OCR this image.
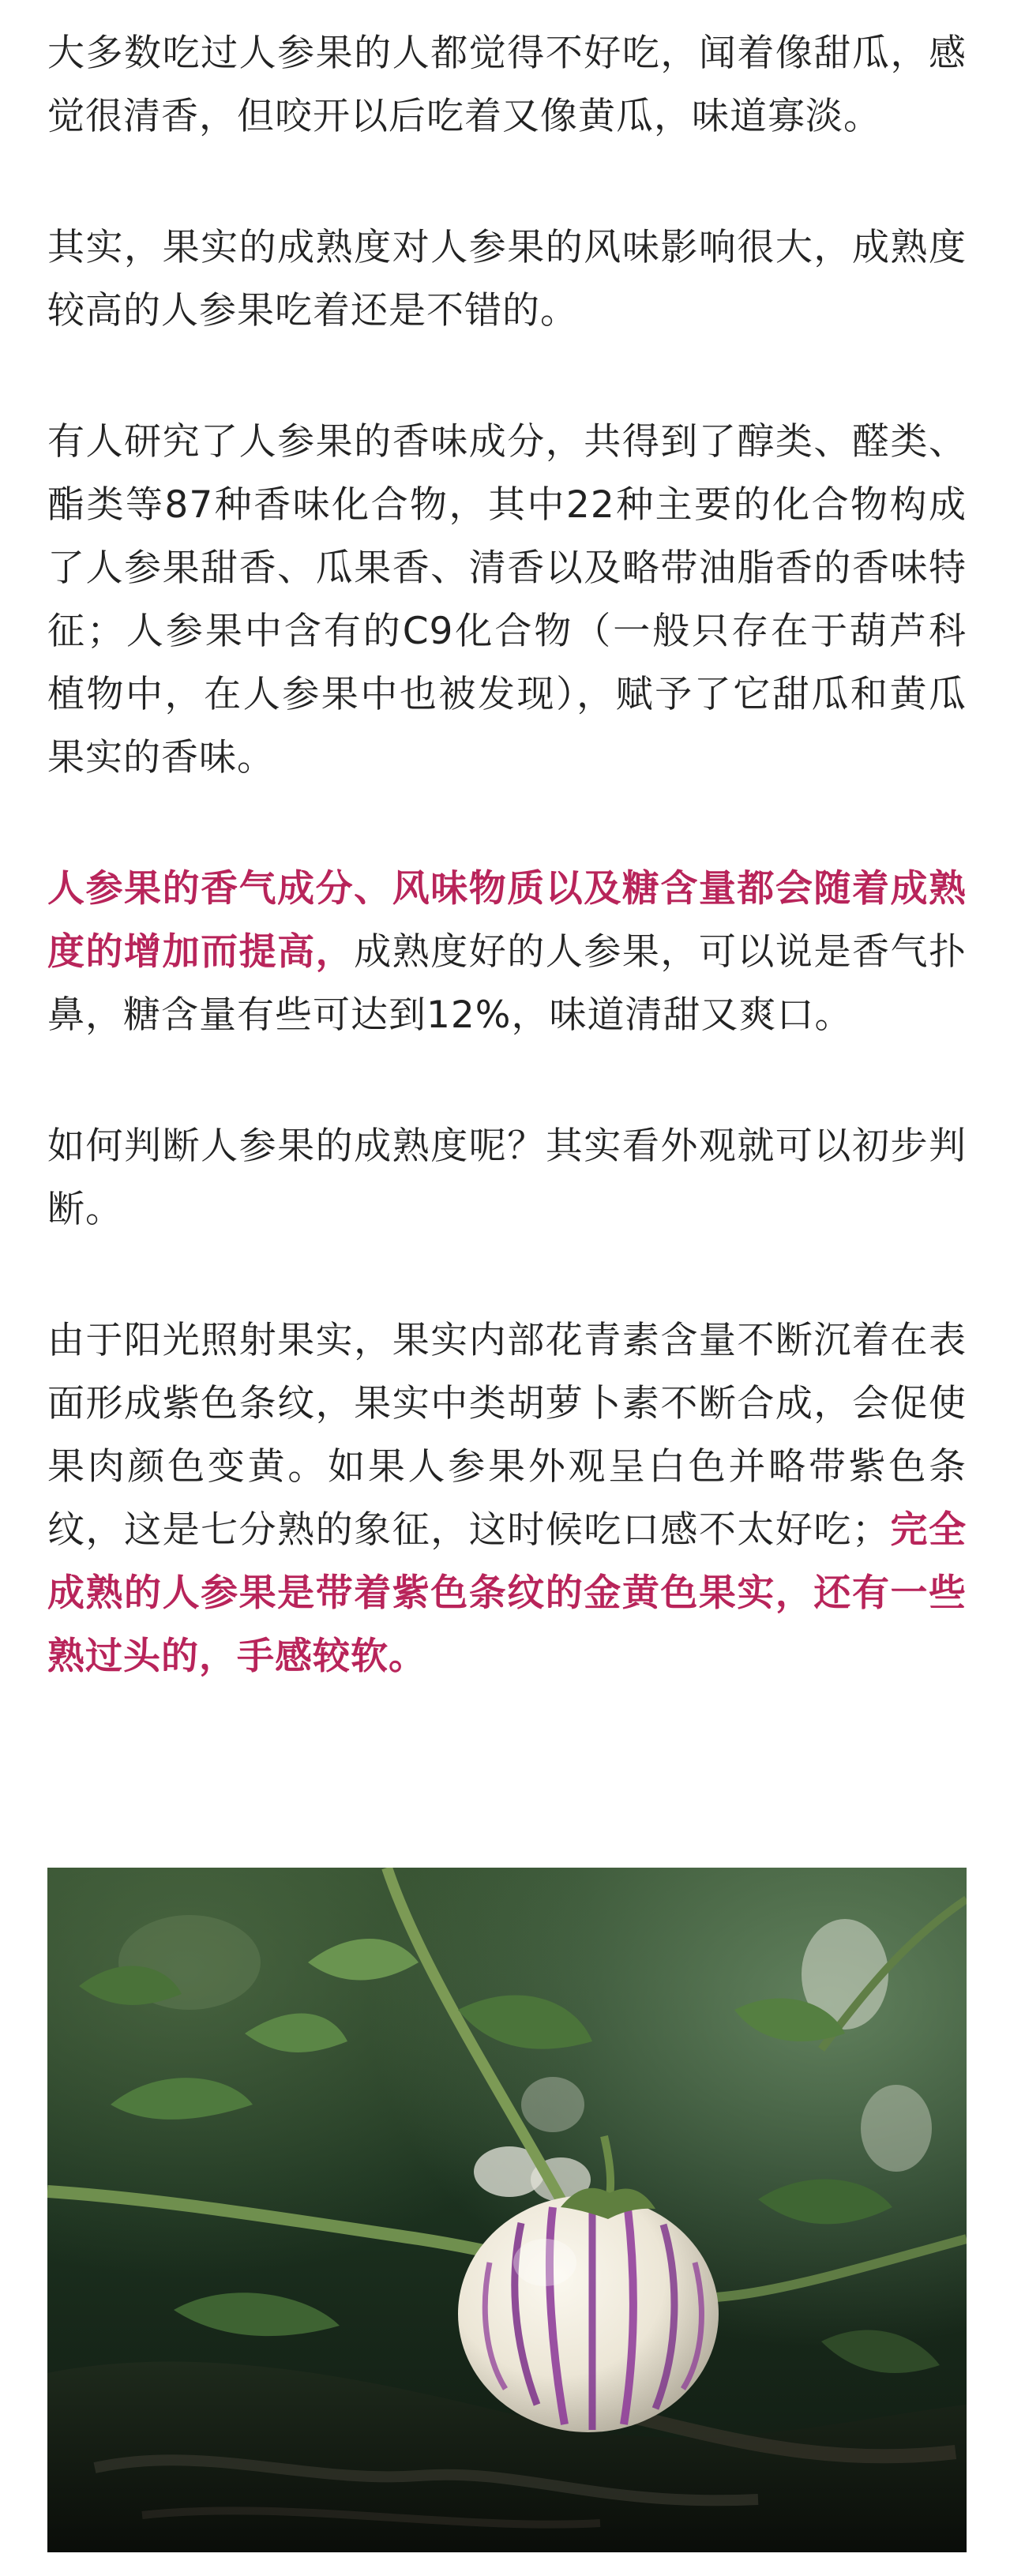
大多数吃过人参果的人都觉得不好吃，闻着像甜瓜，感觉很清香，但咬开以后吃着又像黄瓜，味道寡淡。

其实，果实的成熟度对人参果的风味影响很大，成熟度较高的人参果吃着还是不错的。

有人研究了人参果的香味成分，共得到了醇类、醛类、酯类等87种香味化合物，其中22种主要的化合物构成了人参果甜香、瓜果香、清香以及略带油脂香的香味特征；人参果中含有的C9化合物（一般只存在于葫芦科植物中，在人参果中也被发现），赋予了它甜瓜和黄瓜果实的香味。

人参果的香气成分、风味物质以及糖含量都会随着成熟度的增加而提高，成熟度好的人参果，可以说是香气扑鼻，糖含量有些可达到12%，味道清甜又爽口。

如何判断人参果的成熟度呢？其实看外观就可以初步判断。

由于阳光照射果实，果实内部花青素含量不断沉着在表面形成紫色条纹，果实中类胡萝卜素不断合成，会促使果肉颜色变黄。如果人参果外观呈白色并略带紫色条纹，这是七分熟的象征，这时候吃口感不太好吃；完全成熟的人参果是带着紫色条纹的金黄色果实，还有一些熟过头的，手感较软。
